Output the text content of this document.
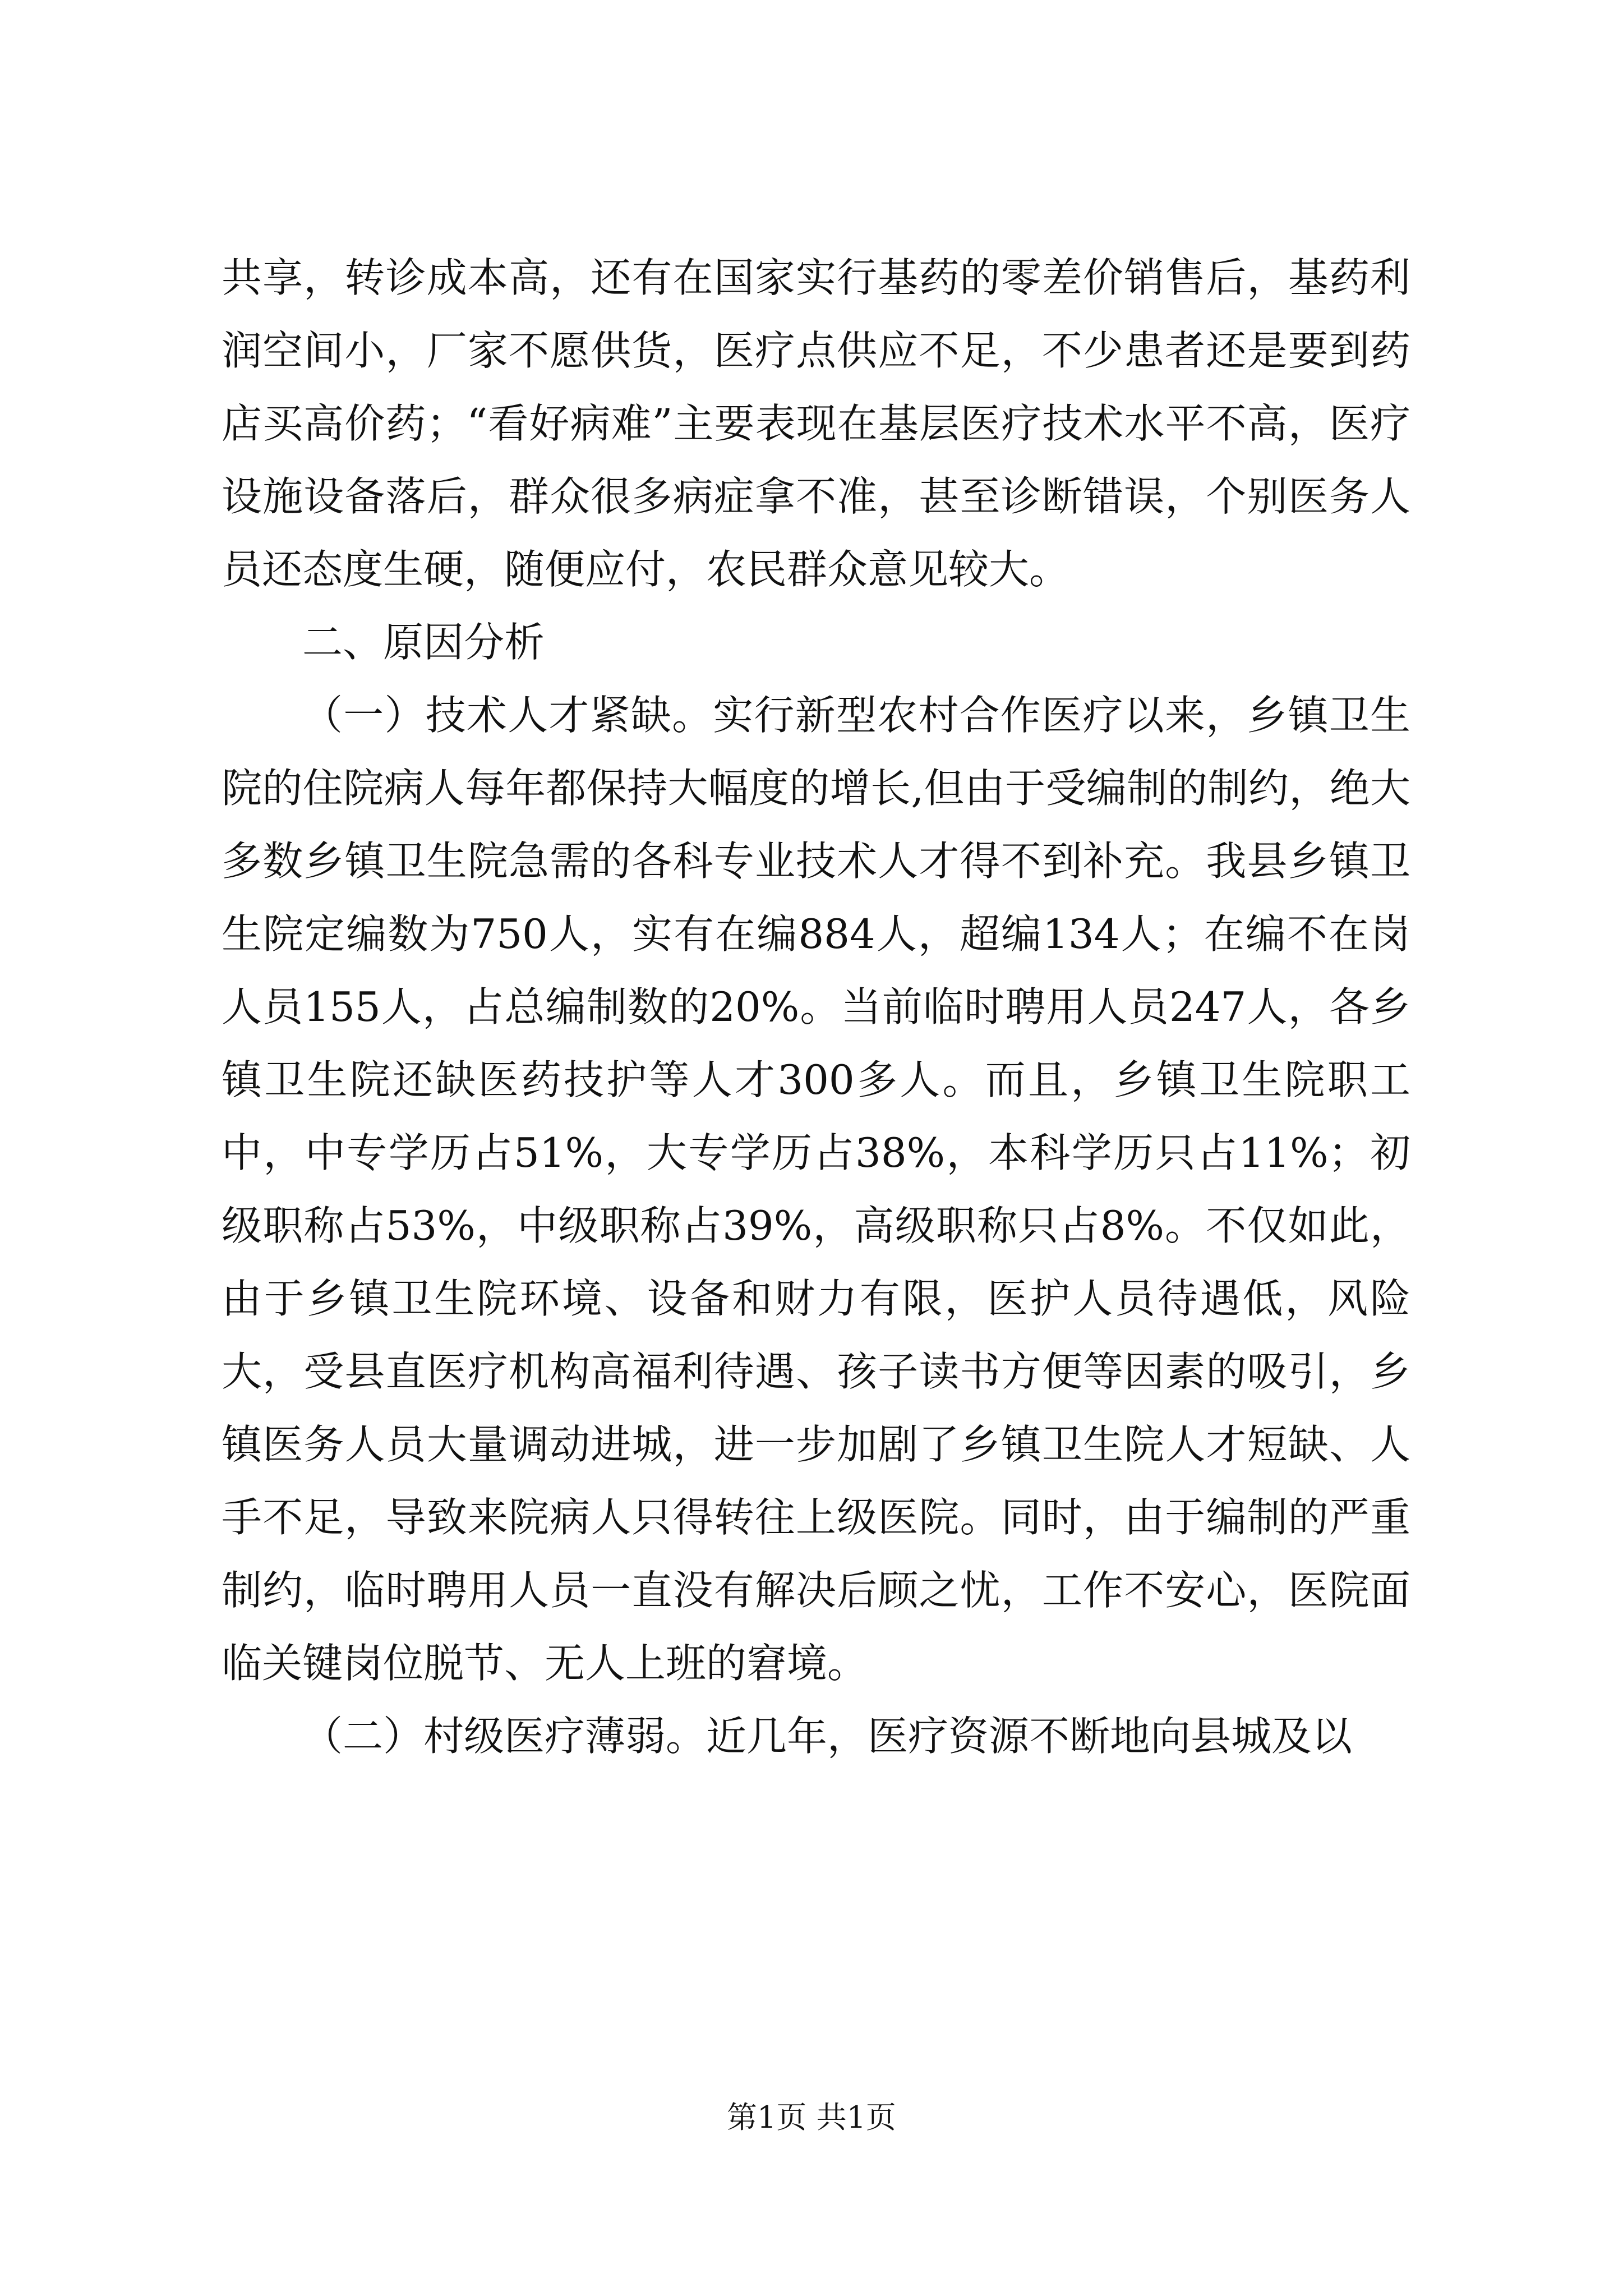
共享，转诊成本高，还有在国家实行基药的零差价销售后，基药利润空间小，厂家不愿供货，医疗点供应不足，不少患者还是要到药店买高价药；“看好病难”主要表现在基层医疗技术水平不高，医疗设施设备落后，群众很多病症拿不准，甚至诊断错误，个别医务人员还态度生硬，随便应付，农民群众意见较大。

二、原因分析

（一）技术人才紧缺。实行新型农村合作医疗以来，乡镇卫生院的住院病人每年都保持大幅度的增长,但由于受编制的制约，绝大多数乡镇卫生院急需的各科专业技术人才得不到补充。我县乡镇卫生院定编数为750人，实有在编884人，超编134人；在编不在岗人员155人，占总编制数的20%。当前临时聘用人员247人，各乡镇卫生院还缺医药技护等人才300多人。而且，乡镇卫生院职工中，中专学历占51%，大专学历占38%，本科学历只占11%；初级职称占53%，中级职称占39%，高级职称只占8%。不仅如此，由于乡镇卫生院环境、设备和财力有限，医护人员待遇低，风险大，受县直医疗机构高福利待遇、孩子读书方便等因素的吸引，乡镇医务人员大量调动进城，进一步加剧了乡镇卫生院人才短缺、人手不足，导致来院病人只得转往上级医院。同时，由于编制的严重制约，临时聘用人员一直没有解决后顾之忧，工作不安心，医院面临关键岗位脱节、无人上班的窘境。

（二）村级医疗薄弱。近几年，医疗资源不断地向县城及以

第1页 共1页
